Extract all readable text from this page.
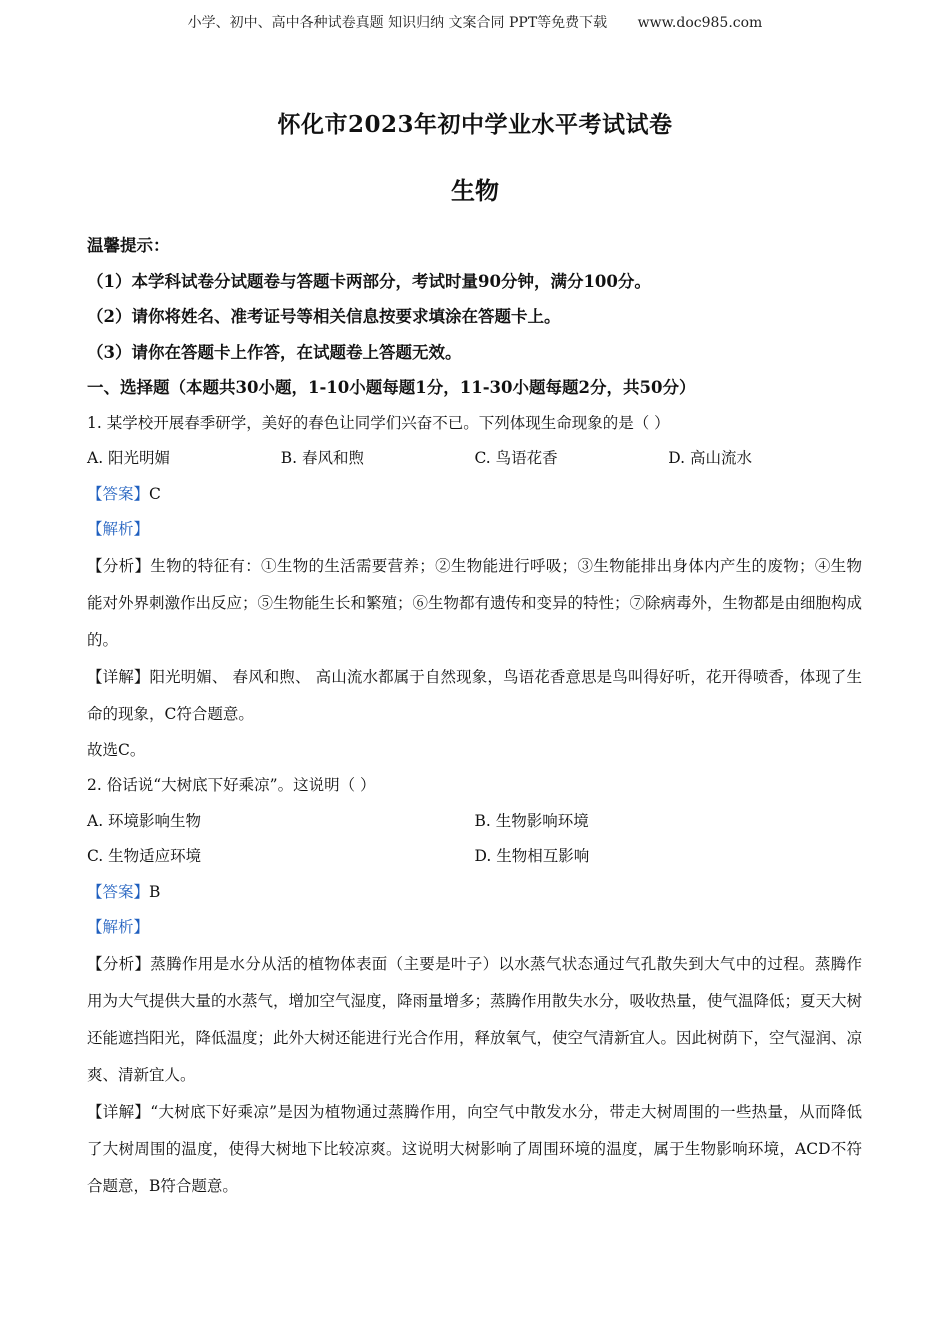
小学、初中、高中各种试卷真题 知识归纳 文案合同 PPT等免费下载 www.doc985.com
怀化市2023年初中学业水平考试试卷
生物
温馨提示：
（1）本学科试卷分试题卷与答题卡两部分，考试时量90分钟，满分100分。
（2）请你将姓名、准考证号等相关信息按要求填涂在答题卡上。
（3）请你在答题卡上作答，在试题卷上答题无效。
一、选择题（本题共30小题，1-10小题每题1分，11-30小题每题2分，共50分）
1. 某学校开展春季研学，美好的春色让同学们兴奋不已。下列体现生命现象的是（ ）
A. 阳光明媚	B. 春风和煦	C. 鸟语花香	D. 高山流水
【答案】C
【解析】
【分析】生物的特征有：①生物的生活需要营养；②生物能进行呼吸；③生物能排出身体内产生的废物；④生物能对外界刺激作出反应；⑤生物能生长和繁殖；⑥生物都有遗传和变异的特性；⑦除病毒外，生物都是由细胞构成的。
【详解】阳光明媚、 春风和煦、 高山流水都属于自然现象，鸟语花香意思是鸟叫得好听，花开得喷香，体现了生命的现象，C符合题意。
故选C。
2. 俗话说“大树底下好乘凉”。这说明（ ）
A. 环境影响生物	B. 生物影响环境
C. 生物适应环境	D. 生物相互影响
【答案】B
【解析】
【分析】蒸腾作用是水分从活的植物体表面（主要是叶子）以水蒸气状态通过气孔散失到大气中的过程。蒸腾作用为大气提供大量的水蒸气，增加空气湿度，降雨量增多；蒸腾作用散失水分，吸收热量，使气温降低；夏天大树还能遮挡阳光，降低温度；此外大树还能进行光合作用，释放氧气，使空气清新宜人。因此树荫下，空气湿润、凉爽、清新宜人。
【详解】“大树底下好乘凉”是因为植物通过蒸腾作用，向空气中散发水分，带走大树周围的一些热量，从而降低了大树周围的温度，使得大树地下比较凉爽。这说明大树影响了周围环境的温度，属于生物影响环境，ACD不符合题意，B符合题意。
